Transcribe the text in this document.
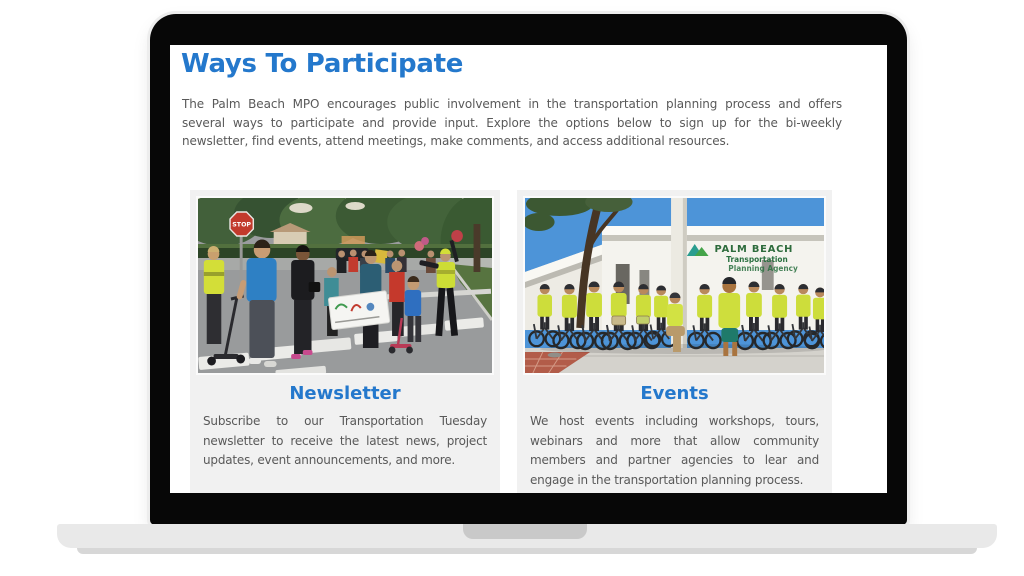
Ways To Participate
The Palm Beach MPO encourages public involvement in the transportation planning process and offers
several ways to participate and provide input. Explore the options below to sign up for the bi-weekly
newsletter, find events, attend meetings, make comments, and access additional resources.
STOP
Newsletter
Subscribe to our Transportation Tuesday
newsletter to receive the latest news, project
updates, event announcements, and more.
PALM BEACH
Transportation
Planning Agency
Events
We host events including workshops, tours,
webinars and more that allow community
members and partner agencies to lear and
engage in the transportation planning process.
